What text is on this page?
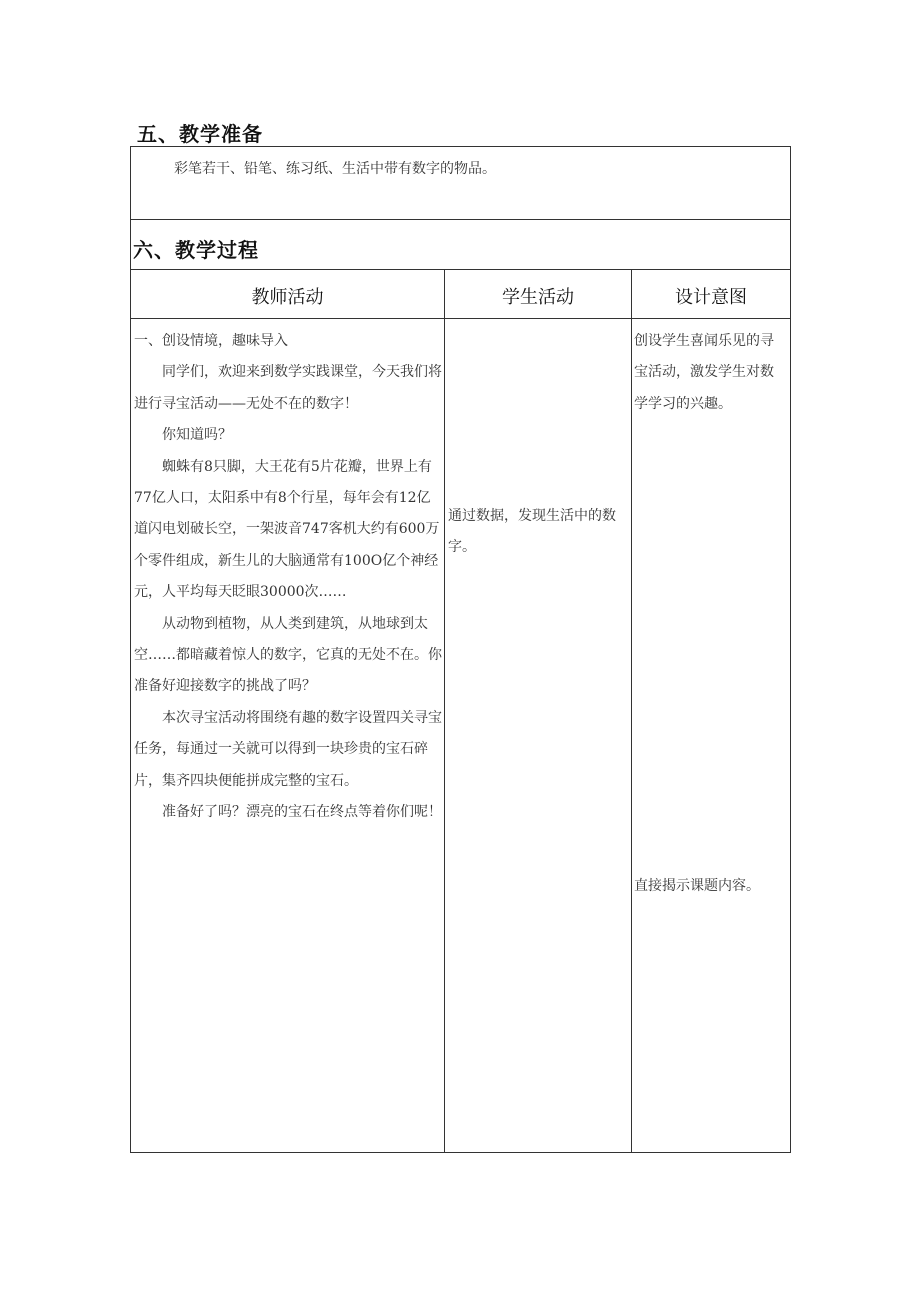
五、教学准备
彩笔若干、铅笔、练习纸、生活中带有数字的物品。
六、教学过程
教师活动	学生活动	设计意图

一、创设情境，趣味导入

同学们，欢迎来到数学实践课堂，今天我们将进行寻宝活动——无处不在的数字！

你知道吗？

蜘蛛有8只脚，大王花有5片花瓣，世界上有77亿人口，太阳系中有8个行星，每年会有12亿道闪电划破长空，一架波音747客机大约有600万个零件组成，新生儿的大脑通常有100O亿个神经元，人平均每天眨眼30000次……

从动物到植物，从人类到建筑，从地球到太空……都暗藏着惊人的数字，它真的无处不在。你准备好迎接数字的挑战了吗？

本次寻宝活动将围绕有趣的数字设置四关寻宝任务，每通过一关就可以得到一块珍贵的宝石碎片，集齐四块便能拼成完整的宝石。

准备好了吗？漂亮的宝石在终点等着你们呢！

通过数据，发现生活中的数字。
创设学生喜闻乐见的寻宝活动，激发学生对数学学习的兴趣。
直接揭示课题内容。
